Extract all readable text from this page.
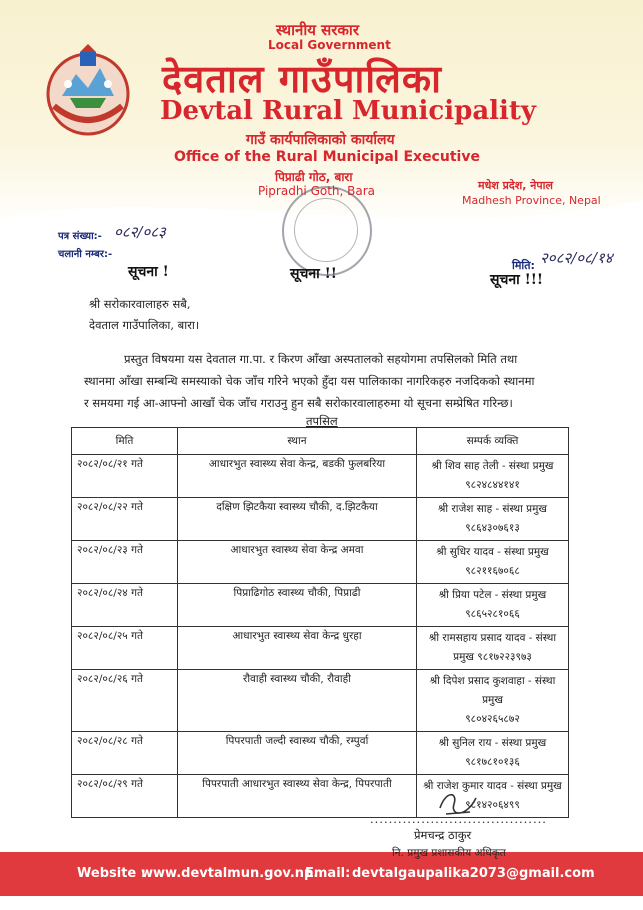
स्थानीय सरकार
Local Government
देवताल गाउँपालिका
Devtal Rural Municipality
गाउँ कार्यपालिकाको कार्यालय
Office of the Rural Municipal Executive
पिप्राढी गोठ, बारा
Pipradhi Goth, Bara	मधेश प्रदेश, नेपाल
Madhesh Province, Nepal
पत्र संख्या:- ०८२/०८३
चलानी नम्बर:-
मिति: २०८२/०८/१४
सूचना !	सूचना !!	सूचना !!!
श्री सरोकारवालाहरु सबै,
देवताल गाउँपालिका, बारा।
प्रस्तुत विषयमा यस देवताल गा.पा. र किरण आँखा अस्पतालको सहयोगमा तपसिलको मिति तथा
स्थानमा आँखा सम्बन्धि समस्याको चेक जाँच गरिने भएको हुँदा यस पालिकाका नागरिकहरु नजदिकको स्थानमा
र समयमा गई आ-आफ्नो आखाँ चेक जाँच गराउनु हुन सबै सरोकारवालाहरुमा यो सूचना सम्प्रेषित गरिन्छ।
तपसिल
मिति	स्थान	सम्पर्क व्यक्ति
२०८२/०८/२१ गते	आधारभुत स्वास्थ्य सेवा केन्द्र, बडकी फुलबरिया	श्री शिव साह तेली - संस्था प्रमुख
९८२४८४४१४१

२०८२/०८/२२ गते	दक्षिण झिटकैया स्वास्थ्य चौकी, द.झिटकैया	श्री राजेश साह - संस्था प्रमुख
९८६४३०७६१३

२०८२/०८/२३ गते	आधारभुत स्वास्थ्य सेवा केन्द्र अमवा	श्री सुधिर यादव - संस्था प्रमुख
९८२११६७०६८

२०८२/०८/२४ गते	पिप्राढिगोठ स्वास्थ्य चौकी, पिप्राढी	श्री प्रिया पटेल - संस्था प्रमुख
९८६५२८१०६६

२०८२/०८/२५ गते	आधारभुत स्वास्थ्य सेवा केन्द्र धुरहा	श्री रामसहाय प्रसाद यादव - संस्था
प्रमुख ९८१७२२३९७३

२०८२/०८/२६ गते	रौवाही स्वास्थ्य चौकी, रौवाही	श्री दिपेश प्रसाद कुशवाहा - संस्था प्रमुख
९८०४२६५८७२

२०८२/०८/२८ गते	पिपरपाती जल्दी स्वास्थ्य चौकी, रम्पुर्वा	श्री सुनिल राय - संस्था प्रमुख
९८१७८१०१३६

२०८२/०८/२९ गते	पिपरपाती आधारभुत स्वास्थ्य सेवा केन्द्र, पिपरपाती	श्री राजेश कुमार यादव - संस्था प्रमुख
९८१४२०६४९९
......................................
प्रेमचन्द्र ठाकुर
नि. प्रमुख प्रशासकीय अधिकृत
Website :
www.devtalmun.gov.np.
Email: devtalgaupalika2073@gmail.com
